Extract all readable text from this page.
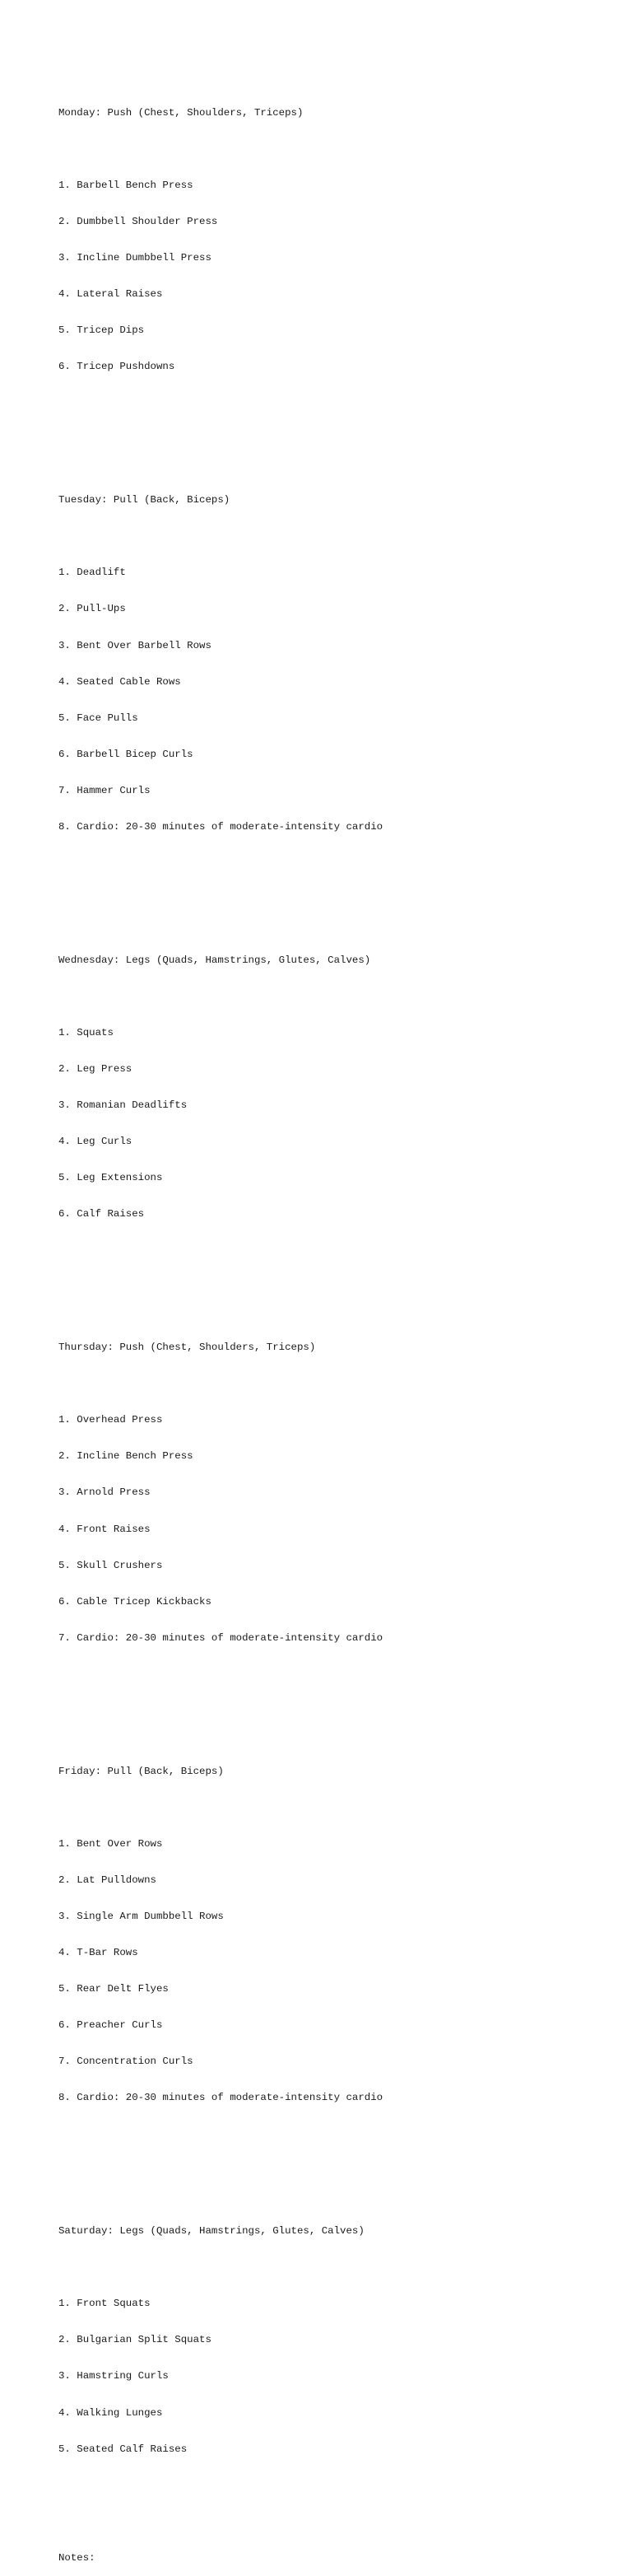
Monday: Push (Chest, Shoulders, Triceps)

1. Barbell Bench Press

2. Dumbbell Shoulder Press

3. Incline Dumbbell Press

4. Lateral Raises

5. Tricep Dips

6. Tricep Pushdowns

Tuesday: Pull (Back, Biceps)

1. Deadlift

2. Pull-Ups

3. Bent Over Barbell Rows

4. Seated Cable Rows

5. Face Pulls

6. Barbell Bicep Curls

7. Hammer Curls

8. Cardio: 20-30 minutes of moderate-intensity cardio

Wednesday: Legs (Quads, Hamstrings, Glutes, Calves)

1. Squats

2. Leg Press

3. Romanian Deadlifts

4. Leg Curls

5. Leg Extensions

6. Calf Raises

Thursday: Push (Chest, Shoulders, Triceps)

1. Overhead Press

2. Incline Bench Press

3. Arnold Press

4. Front Raises

5. Skull Crushers

6. Cable Tricep Kickbacks

7. Cardio: 20-30 minutes of moderate-intensity cardio

Friday: Pull (Back, Biceps)

1. Bent Over Rows

2. Lat Pulldowns

3. Single Arm Dumbbell Rows

4. T-Bar Rows

5. Rear Delt Flyes

6. Preacher Curls

7. Concentration Curls

8. Cardio: 20-30 minutes of moderate-intensity cardio

Saturday: Legs (Quads, Hamstrings, Glutes, Calves)

1. Front Squats

2. Bulgarian Split Squats

3. Hamstring Curls

4. Walking Lunges

5. Seated Calf Raises

Notes:
